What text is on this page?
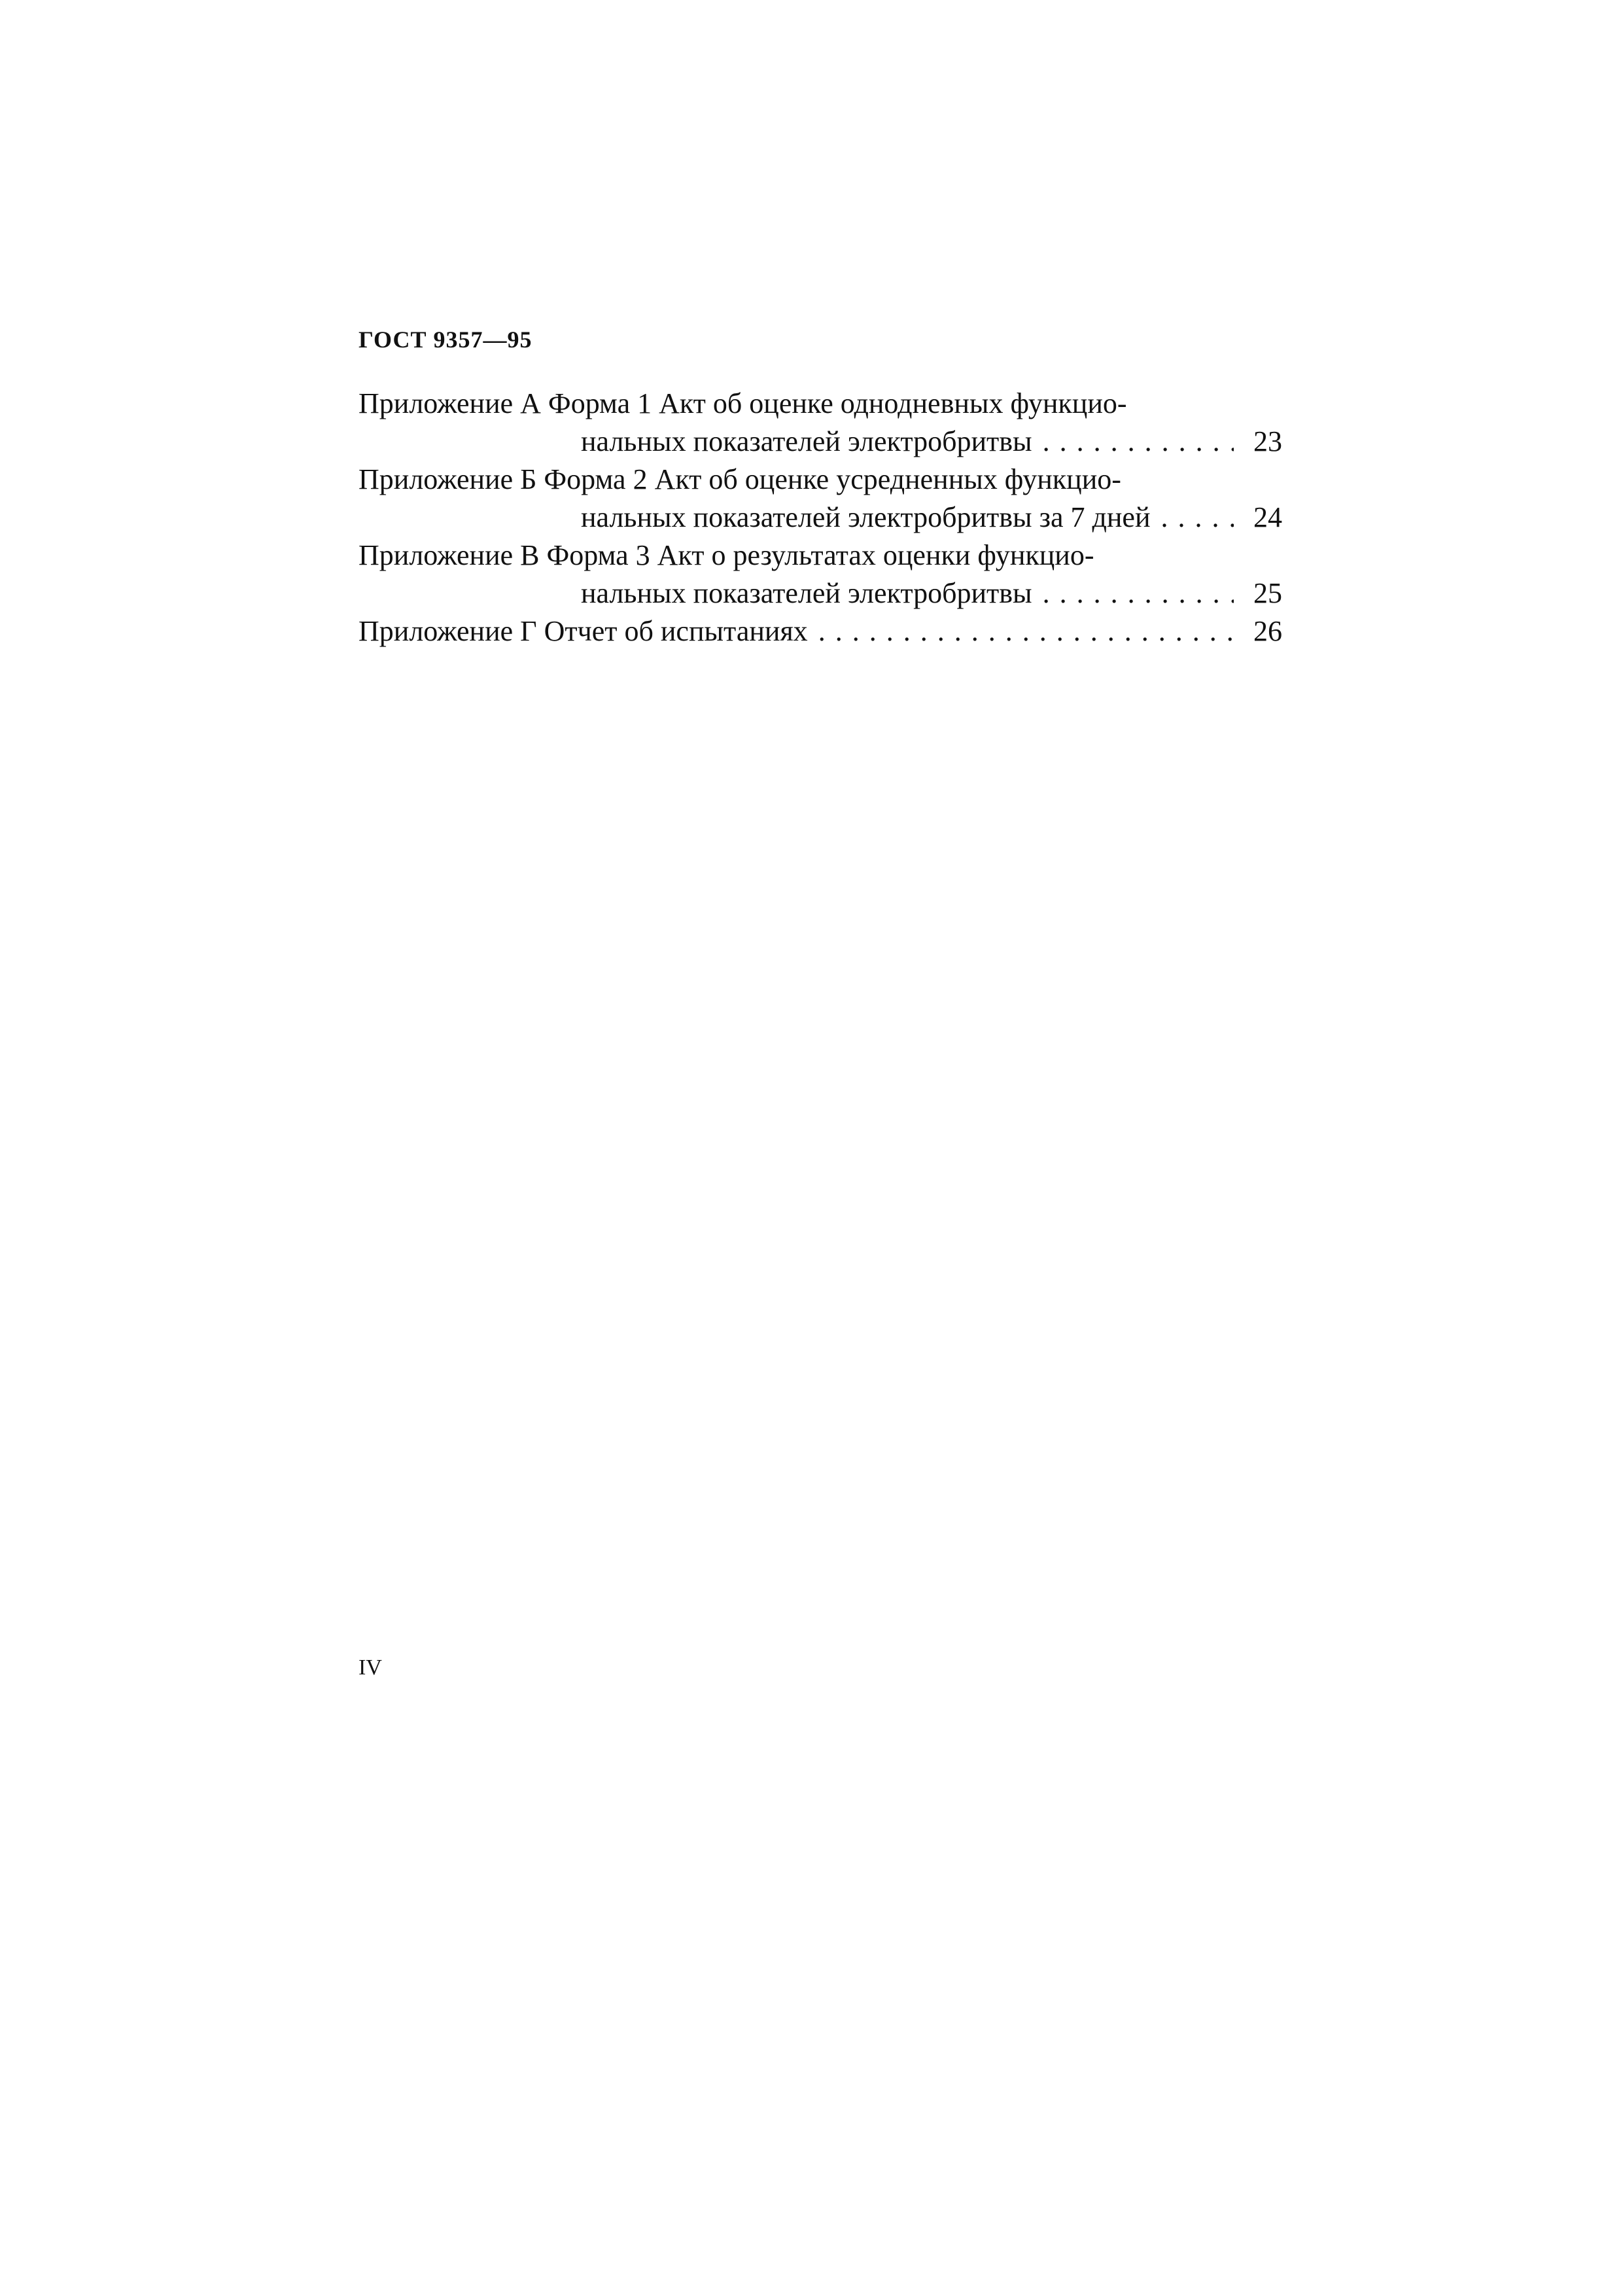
ГОСТ 9357—95
Приложение А Форма 1 Акт об оценке однодневных функцио-
нальных показателей электробритвы . . .	23
Приложение Б Форма 2 Акт об оценке усредненных функцио-
нальных показателей электробритвы за 7 дней . . .	24
Приложение В Форма 3 Акт о результатах оценки функцио-
нальных показателей электробритвы . . .	25
Приложение Г Отчет об испытаниях . . .	26
IV
